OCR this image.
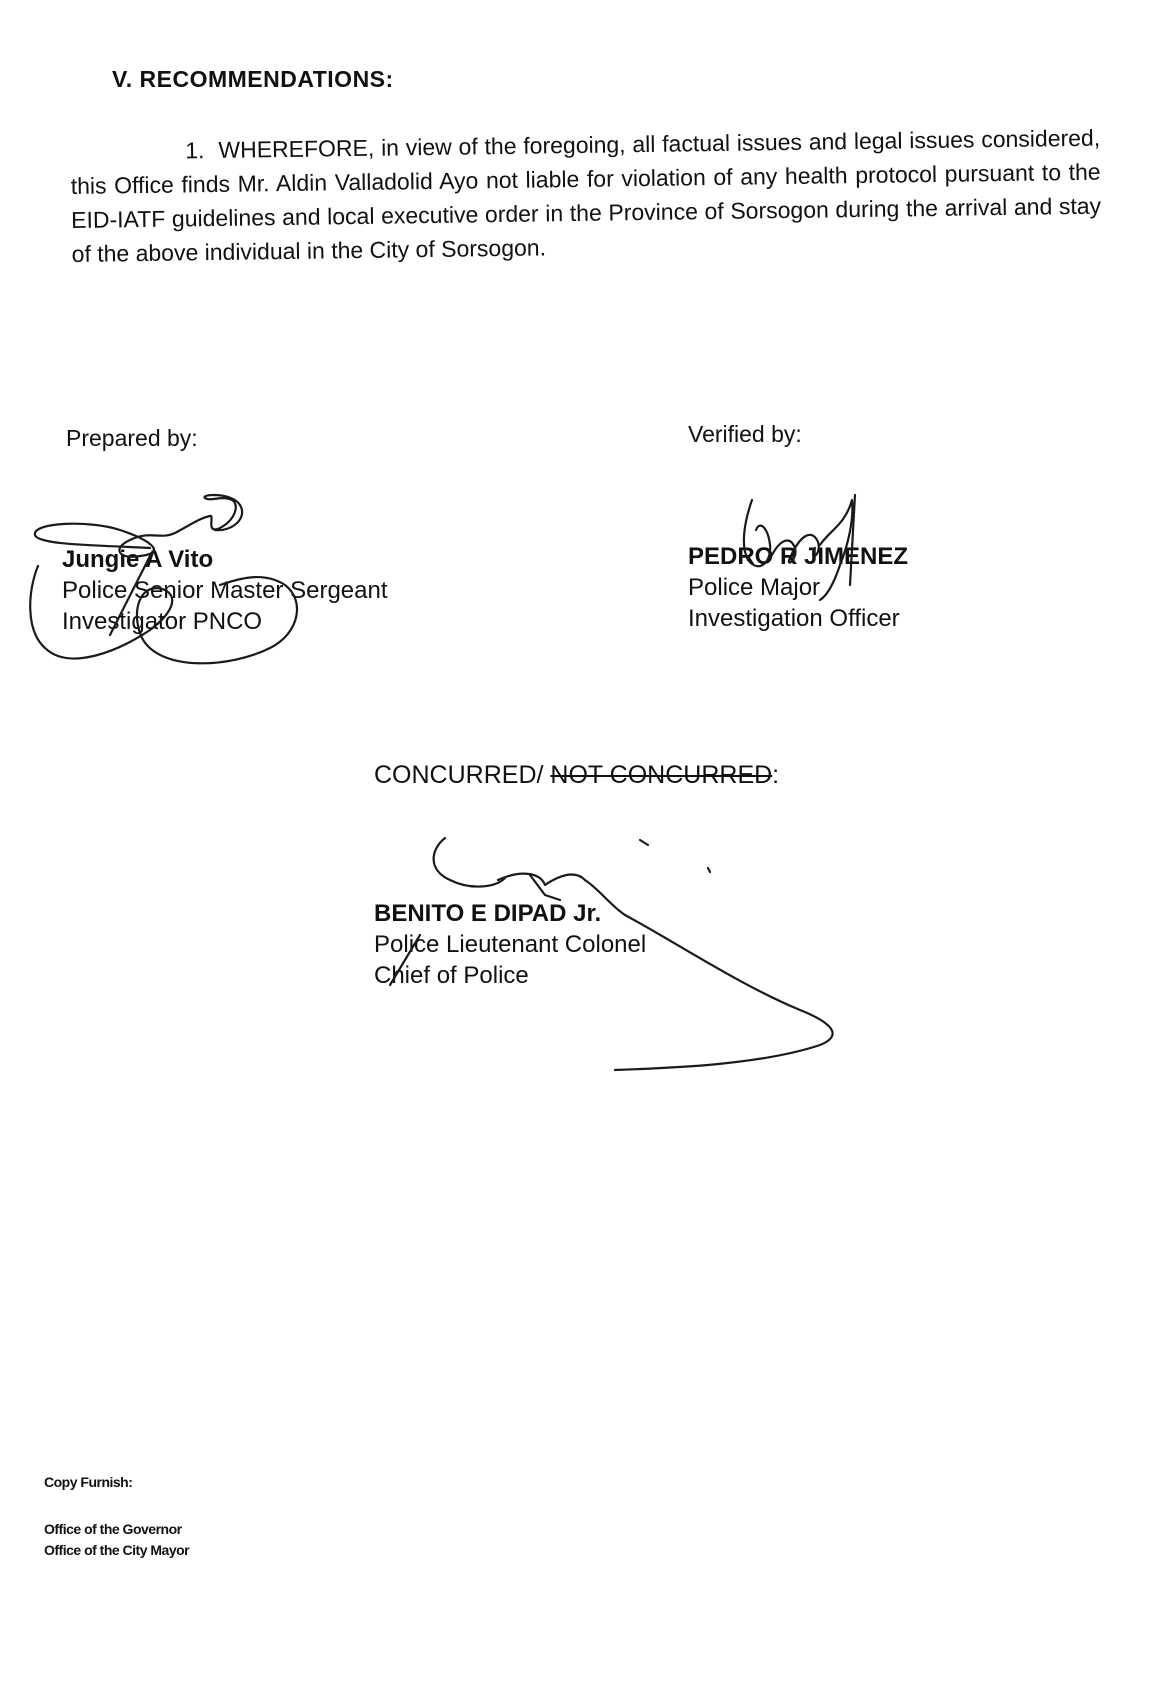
V. RECOMMENDATIONS:
1. WHEREFORE, in view of the foregoing, all factual issues and legal issues considered, this Office finds Mr. Aldin Valladolid Ayo not liable for violation of any health protocol pursuant to the EID-IATF guidelines and local executive order in the Province of Sorsogon during the arrival and stay of the above individual in the City of Sorsogon.
Prepared by:	Verified by:
Jungie A Vito
Police Senior Master Sergeant
Investigator PNCO
PEDRO R JIMENEZ
Police Major
Investigation Officer
CONCURRED/ NOT CONCURRED:
BENITO E DIPAD Jr.
Police Lieutenant Colonel
Chief of Police
Copy Furnish:
Office of the Governor
Office of the City Mayor
